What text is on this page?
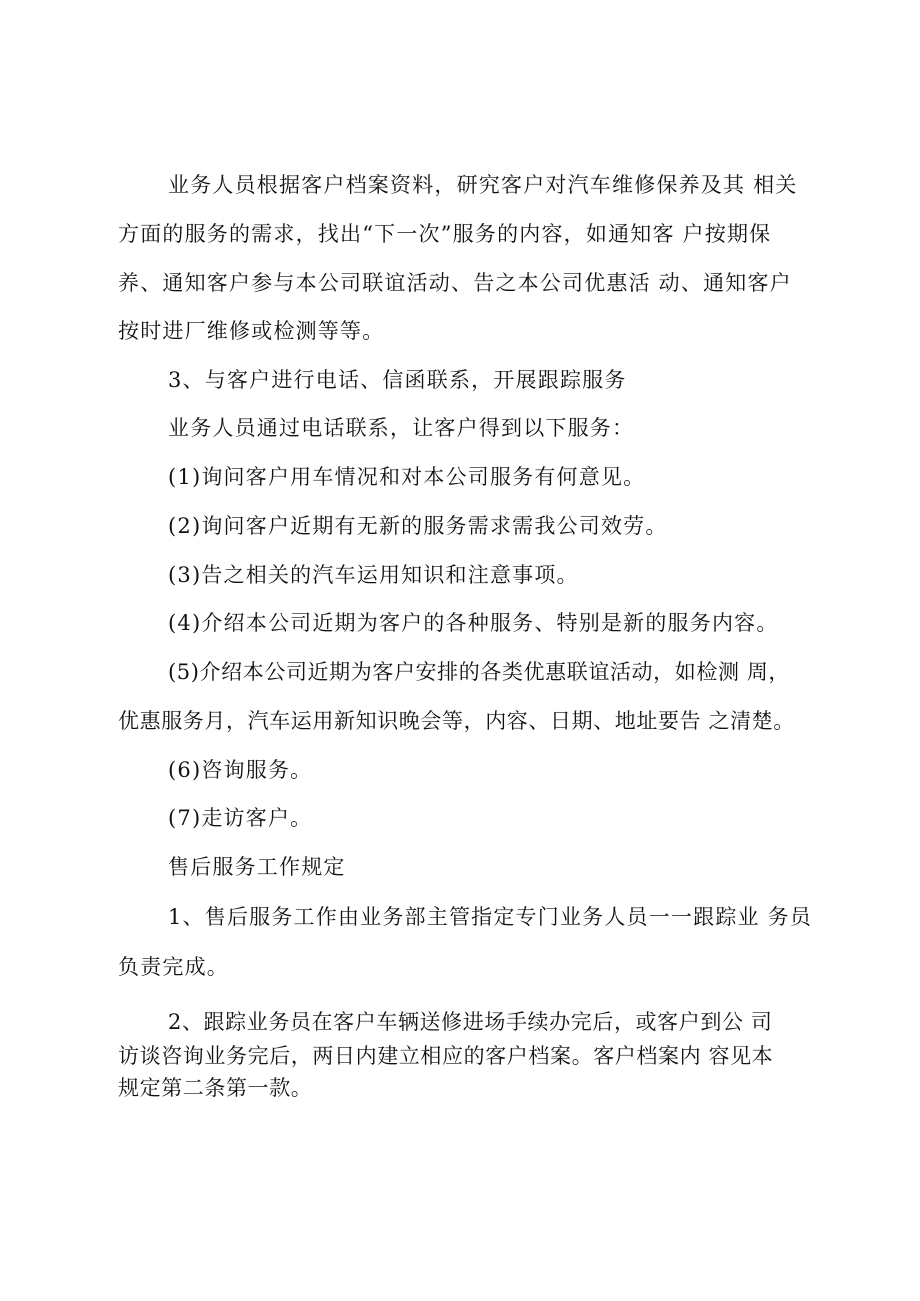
业务人员根据客户档案资料，研究客户对汽车维修保养及其 相关
方面的服务的需求，找出“下一次”服务的内容，如通知客 户按期保
养、通知客户参与本公司联谊活动、告之本公司优惠活 动、通知客户
按时进厂维修或检测等等。
3、与客户进行电话、信函联系，开展跟踪服务
业务人员通过电话联系，让客户得到以下服务：
(1)询问客户用车情况和对本公司服务有何意见。
(2)询问客户近期有无新的服务需求需我公司效劳。
(3)告之相关的汽车运用知识和注意事项。
(4)介绍本公司近期为客户的各种服务、特别是新的服务内容。
(5)介绍本公司近期为客户安排的各类优惠联谊活动，如检测 周，
优惠服务月，汽车运用新知识晚会等，内容、日期、地址要告 之清楚。
(6)咨询服务。
(7)走访客户。
售后服务工作规定
1、售后服务工作由业务部主管指定专门业务人员一一跟踪业 务员
负责完成。
2、跟踪业务员在客户车辆送修进场手续办完后，或客户到公 司
访谈咨询业务完后，两日内建立相应的客户档案。客户档案内 容见本
规定第二条第一款。
